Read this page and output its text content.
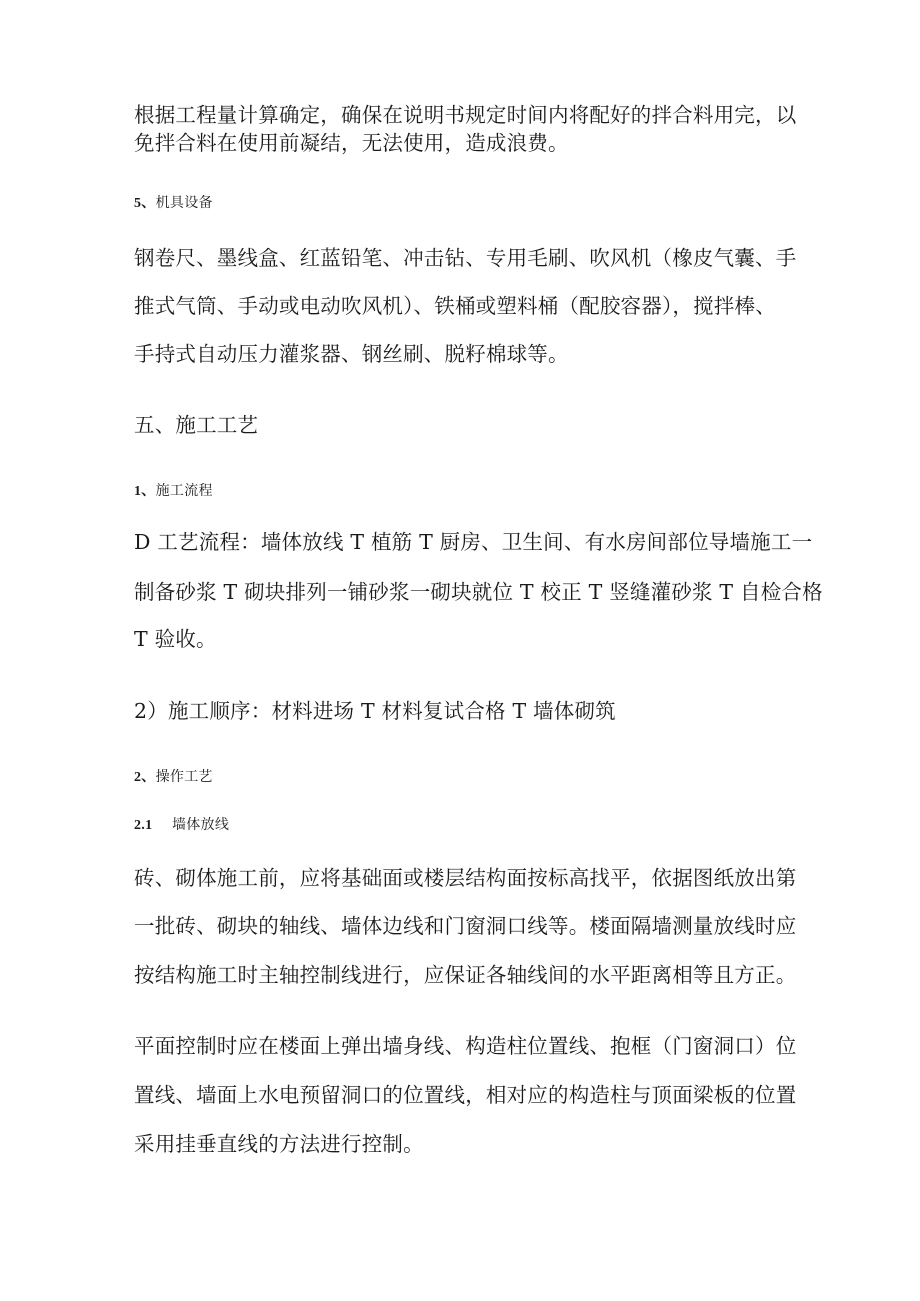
根据工程量计算确定，确保在说明书规定时间内将配好的拌合料用完，以
免拌合料在使用前凝结，无法使用，造成浪费。
5、机具设备
钢卷尺、墨线盒、红蓝铅笔、冲击钻、专用毛刷、吹风机（橡皮气囊、手
推式气筒、手动或电动吹风机）、铁桶或塑料桶（配胶容器），搅拌棒、
手持式自动压力灌浆器、钢丝刷、脱籽棉球等。
五、施工工艺
1、施工流程
D 工艺流程：墙体放线 T 植筋 T 厨房、卫生间、有水房间部位导墙施工一
制备砂浆 T 砌块排列一铺砂浆一砌块就位 T 校正 T 竖缝灌砂浆 T 自检合格
T 验收。
2）施工顺序：材料进场 T 材料复试合格 T 墙体砌筑
2、操作工艺
2.1 墙体放线
砖、砌体施工前，应将基础面或楼层结构面按标高找平，依据图纸放出第
一批砖、砌块的轴线、墙体边线和门窗洞口线等。楼面隔墙测量放线时应
按结构施工时主轴控制线进行，应保证各轴线间的水平距离相等且方正。
平面控制时应在楼面上弹出墙身线、构造柱位置线、抱框（门窗洞口）位
置线、墙面上水电预留洞口的位置线，相对应的构造柱与顶面梁板的位置
采用挂垂直线的方法进行控制。
